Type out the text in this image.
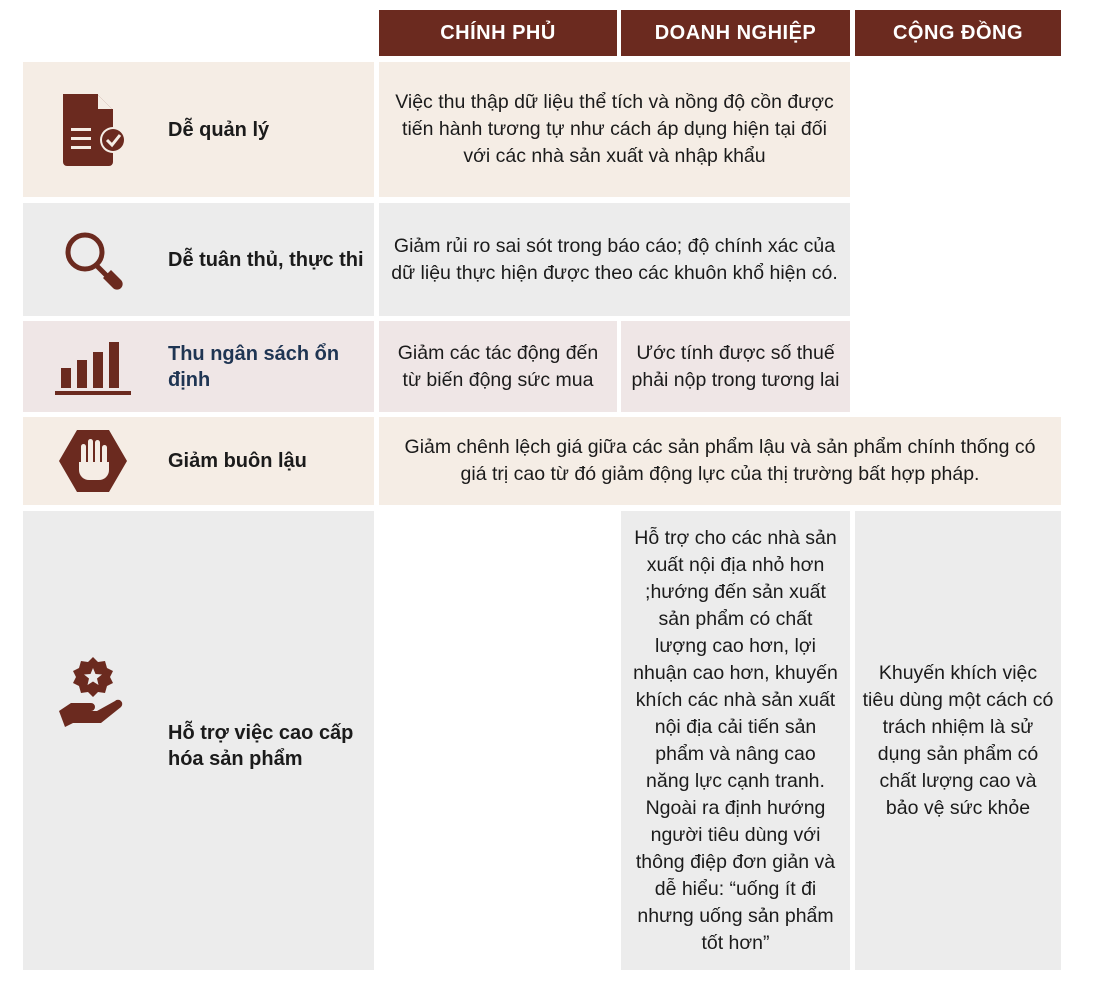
CHÍNH PHỦ	DOANH NGHIỆP	CỘNG ĐỒNG
Dễ quản lý
Việc thu thập dữ liệu thể tích và nồng độ cồn được tiến hành tương tự như cách áp dụng hiện tại đối với các nhà sản xuất và nhập khẩu
Dễ tuân thủ, thực thi
Giảm rủi ro sai sót trong báo cáo; độ chính xác của dữ liệu thực hiện được theo các khuôn khổ hiện có.
Thu ngân sách ổn định
Giảm các tác động đến từ biến động sức mua
Ước tính được số thuế phải nộp trong tương lai
Giảm buôn lậu
Giảm chênh lệch giá giữa các sản phẩm lậu và sản phẩm chính thống có giá trị cao từ đó giảm động lực của thị trường bất hợp pháp.
Hỗ trợ việc cao cấp hóa sản phẩm
Hỗ trợ cho các nhà sản xuất nội địa nhỏ hơn ;hướng đến sản xuất sản phẩm có chất lượng cao hơn, lợi nhuận cao hơn, khuyến khích các nhà sản xuất nội địa cải tiến sản phẩm và nâng cao năng lực cạnh tranh. Ngoài ra định hướng người tiêu dùng với thông điệp đơn giản và dễ hiểu: “uống ít đi nhưng uống sản phẩm tốt hơn”
Khuyến khích việc tiêu dùng một cách có trách nhiệm là sử dụng sản phẩm có chất lượng cao và bảo vệ sức khỏe
